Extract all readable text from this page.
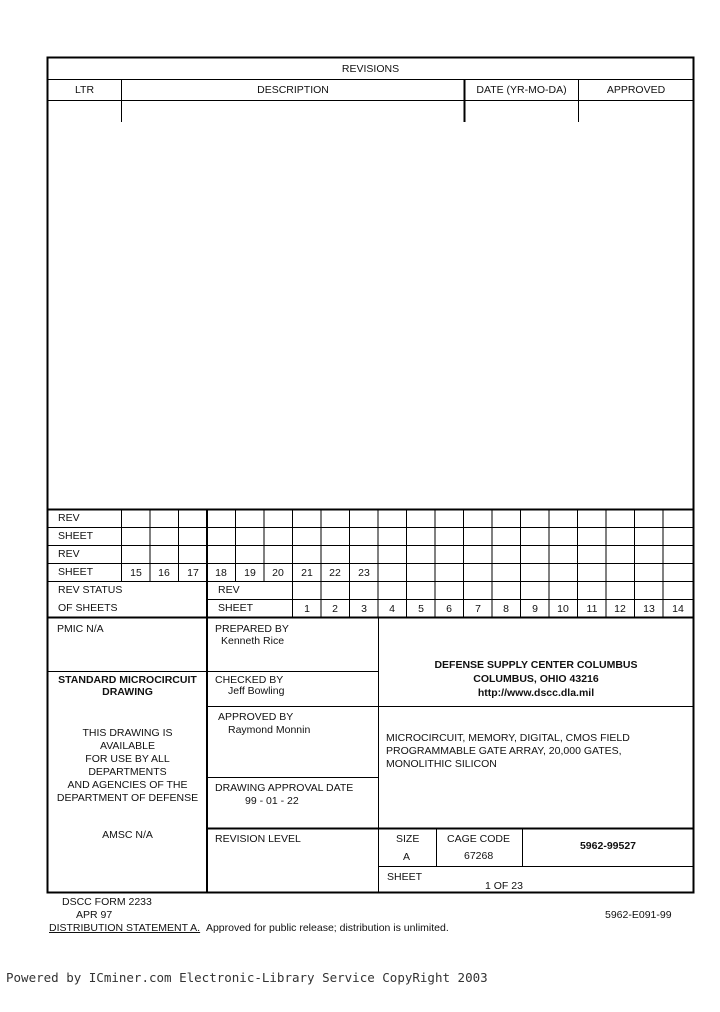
REVISIONS
LTR	DESCRIPTION	DATE (YR-MO-DA)	APPROVED
REV
SHEET
REV
SHEET	15	16	17	18	19	20	21	22	23
REV STATUS
OF SHEETS
REV
SHEET	1	2	3	4	5	6	7	8	9	10	11	12	13	14
PMIC N/A
STANDARD MICROCIRCUIT
DRAWING
THIS DRAWING IS
AVAILABLE
FOR USE BY ALL
DEPARTMENTS
AND AGENCIES OF THE
DEPARTMENT OF DEFENSE
AMSC N/A
PREPARED BY
Kenneth Rice
CHECKED BY
Jeff Bowling
APPROVED BY
Raymond Monnin
DRAWING APPROVAL DATE
99 - 01 - 22
REVISION LEVEL
DEFENSE SUPPLY CENTER COLUMBUS
COLUMBUS, OHIO 43216
http://www.dscc.dla.mil
MICROCIRCUIT, MEMORY, DIGITAL, CMOS FIELD
PROGRAMMABLE GATE ARRAY, 20,000 GATES,
MONOLITHIC SILICON
SIZE
A
CAGE CODE
67268
5962-99527
SHEET
1 OF 23
DSCC FORM 2233
APR 97
DISTRIBUTION STATEMENT A. Approved for public release; distribution is unlimited.
5962-E091-99
Powered by ICminer.com Electronic-Library Service CopyRight 2003
